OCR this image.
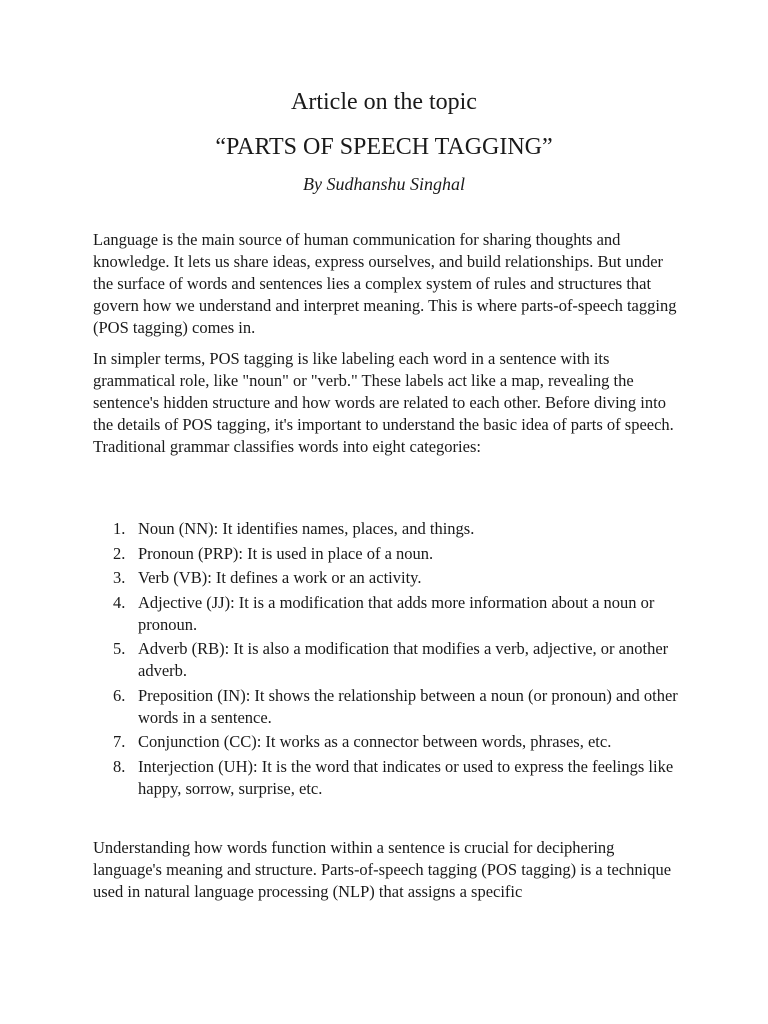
Article on the topic
“PARTS OF SPEECH TAGGING”

By Sudhanshu Singhal

Language is the main source of human communication for sharing thoughts and knowledge. It lets us share ideas, express ourselves, and build relationships. But under the surface of words and sentences lies a complex system of rules and structures that govern how we understand and interpret meaning. This is where parts-of-speech tagging (POS tagging) comes in.

In simpler terms, POS tagging is like labeling each word in a sentence with its grammatical role, like "noun" or "verb." These labels act like a map, revealing the sentence's hidden structure and how words are related to each other. Before diving into the details of POS tagging, it's important to understand the basic idea of parts of speech. Traditional grammar classifies words into eight categories:

1. Noun (NN): It identifies names, places, and things.
2. Pronoun (PRP): It is used in place of a noun.
3. Verb (VB): It defines a work or an activity.
4. Adjective (JJ): It is a modification that adds more information about a noun or pronoun.
5. Adverb (RB): It is also a modification that modifies a verb, adjective, or another adverb.
6. Preposition (IN): It shows the relationship between a noun (or pronoun) and other words in a sentence.
7. Conjunction (CC): It works as a connector between words, phrases, etc.
8. Interjection (UH): It is the word that indicates or used to express the feelings like happy, sorrow, surprise, etc.

Understanding how words function within a sentence is crucial for deciphering language's meaning and structure. Parts-of-speech tagging (POS tagging) is a technique used in natural language processing (NLP) that assigns a specific
